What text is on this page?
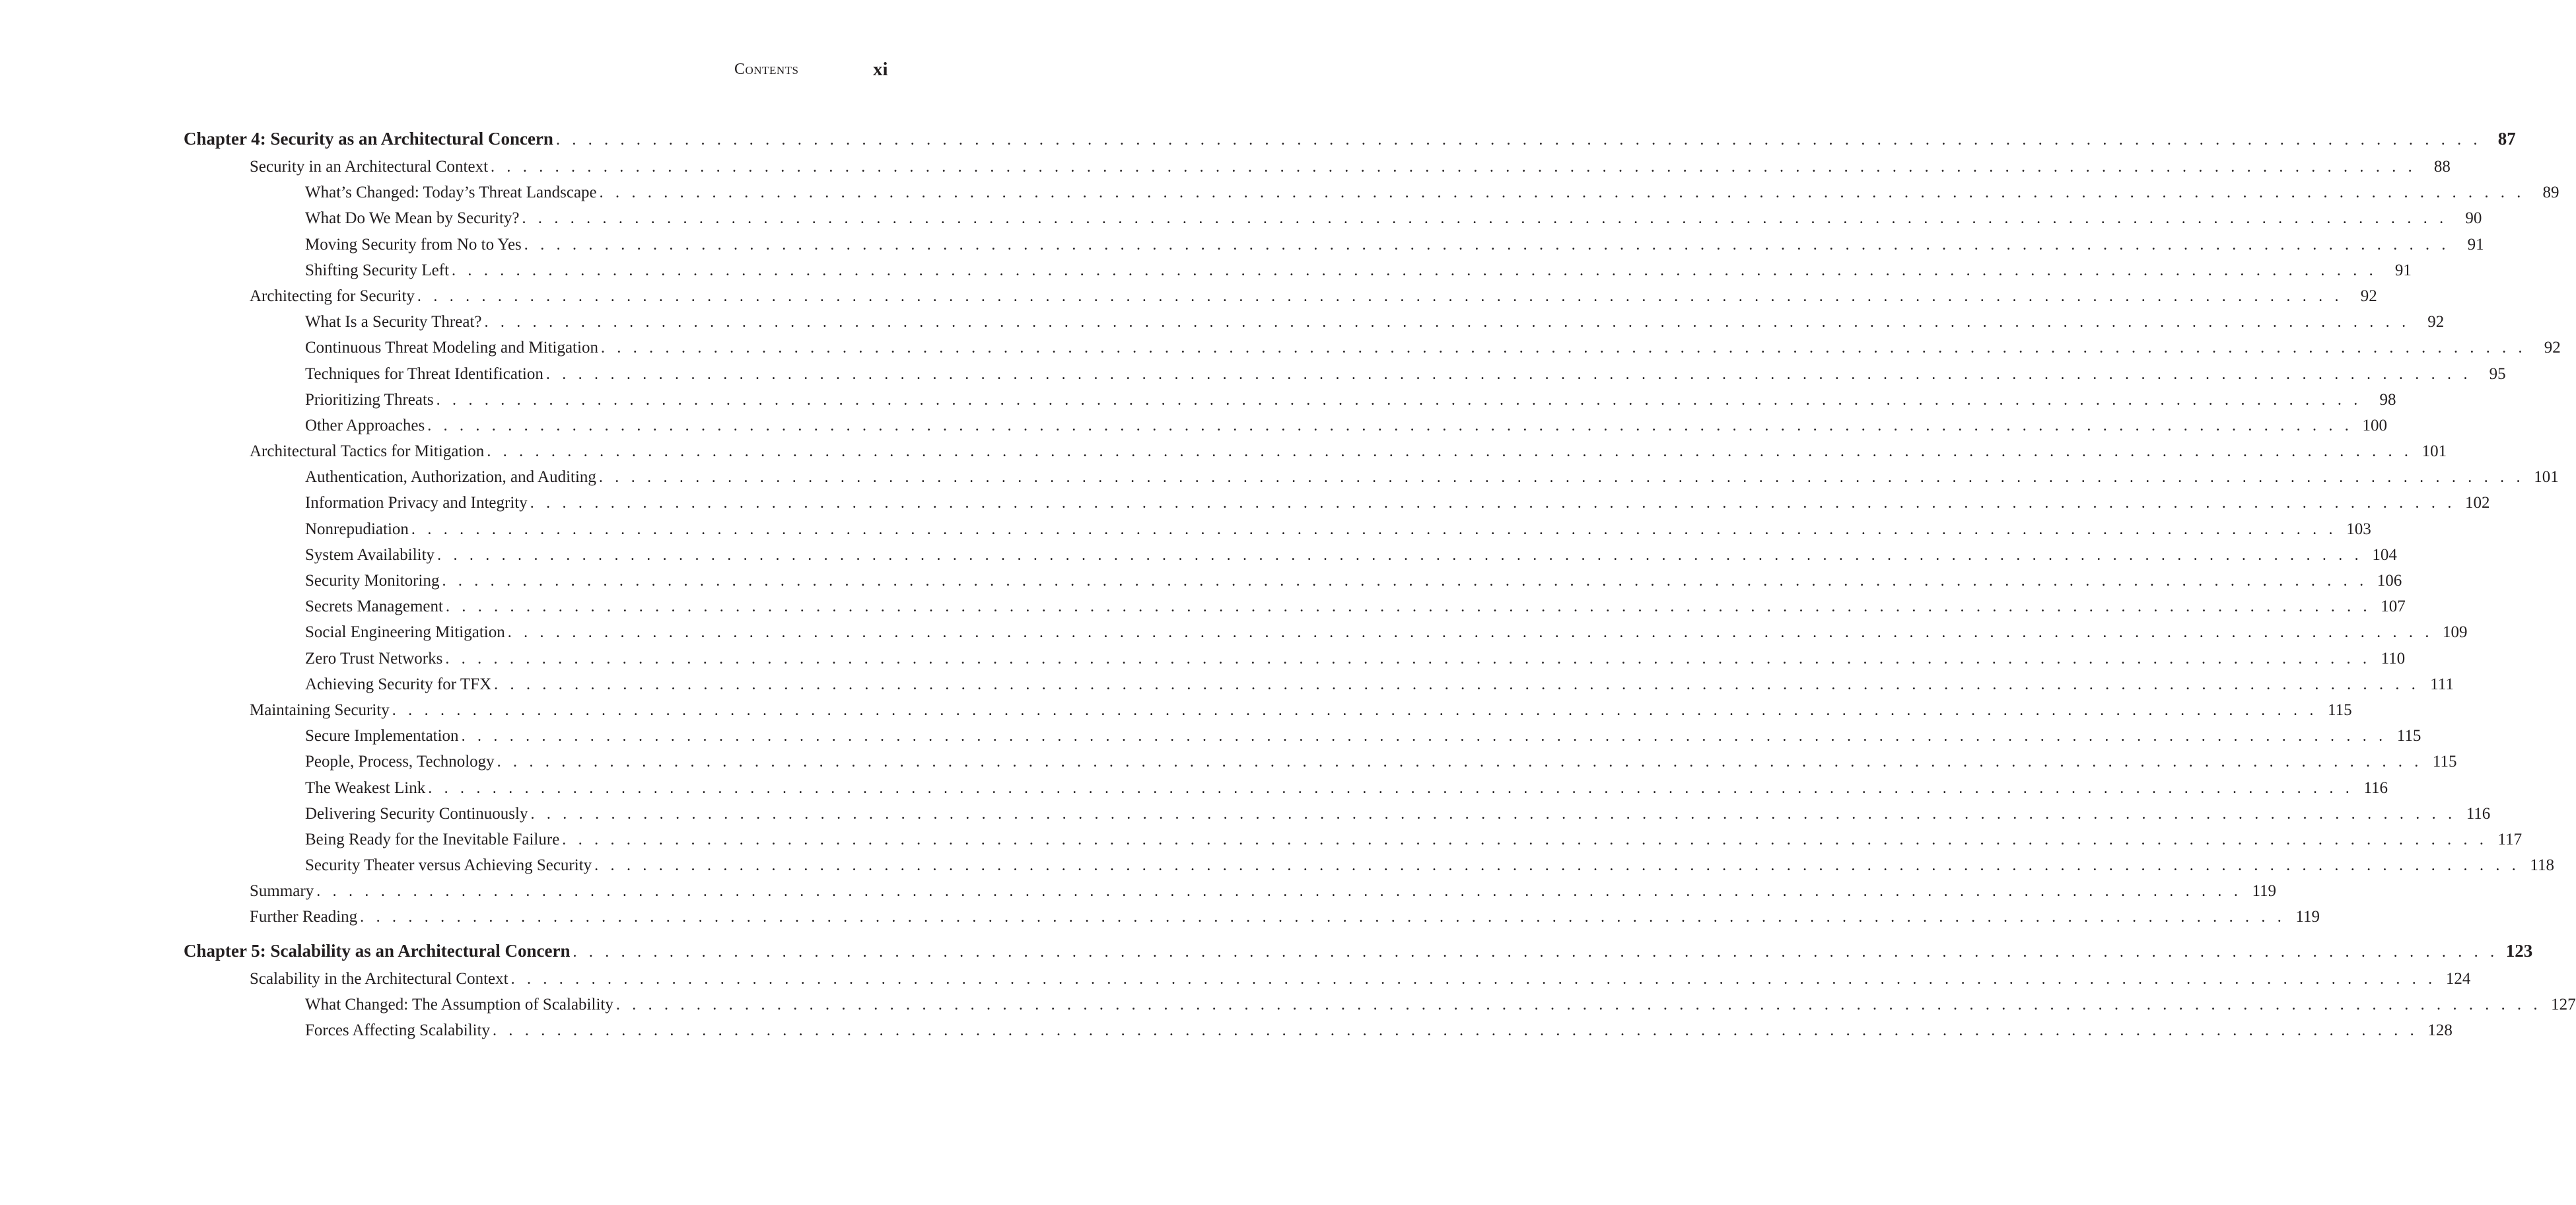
Contents	xi
Chapter 4: Security as an Architectural Concern . . . . . . . . . . . . . . . . . . . . . . . . . . . . . . . . . . . . . . . . . . . . . . . . . . . . . . . . . . . . . . . . . . . . . . . . . . . . . . . . . . . . . . . . . . . . . . . . . . . . . . . . . . . . . . . . . . . . . . . . 87
Security in an Architectural Context . . . . . . . . . . . . . . . . . . . . . . . . . . . . . . . . . . . . . . . . . . . . . . . . . . . . . . . . . . . . . . . . . . . . . . . . . . . . . . . . . . . . . . . . . . . . . . . . . . . . . . . . . . . . . . . . . . . . . . . .	88
What’s Changed: Today’s Threat Landscape . . . . . . . . . . . . . . . . . . . . . . . . . . . . . . . . . . . . . . . . . . . . . . . . . . . . . . . . . . . . . . . . . . . . . . . . . . . . . . . . . . . . . . . . . . . . . . . . . . . . . . . . . . . . . . . . . . . . . . . .	89
What Do We Mean by Security? . . . . . . . . . . . . . . . . . . . . . . . . . . . . . . . . . . . . . . . . . . . . . . . . . . . . . . . . . . . . . . . . . . . . . . . . . . . . . . . . . . . . . . . . . . . . . . . . . . . . . . . . . . . . . . . . . . . . . . . .	90
Moving Security from No to Yes . . . . . . . . . . . . . . . . . . . . . . . . . . . . . . . . . . . . . . . . . . . . . . . . . . . . . . . . . . . . . . . . . . . . . . . . . . . . . . . . . . . . . . . . . . . . . . . . . . . . . . . . . . . . . . . . . . . . . . . .	91
Shifting Security Left . . . . . . . . . . . . . . . . . . . . . . . . . . . . . . . . . . . . . . . . . . . . . . . . . . . . . . . . . . . . . . . . . . . . . . . . . . . . . . . . . . . . . . . . . . . . . . . . . . . . . . . . . . . . . . . . . . . . . . . .	91
Architecting for Security . . . . . . . . . . . . . . . . . . . . . . . . . . . . . . . . . . . . . . . . . . . . . . . . . . . . . . . . . . . . . . . . . . . . . . . . . . . . . . . . . . . . . . . . . . . . . . . . . . . . . . . . . . . . . . . . . . . . . . . .	92
What Is a Security Threat? . . . . . . . . . . . . . . . . . . . . . . . . . . . . . . . . . . . . . . . . . . . . . . . . . . . . . . . . . . . . . . . . . . . . . . . . . . . . . . . . . . . . . . . . . . . . . . . . . . . . . . . . . . . . . . . . . . . . . . . .	92
Continuous Threat Modeling and Mitigation . . . . . . . . . . . . . . . . . . . . . . . . . . . . . . . . . . . . . . . . . . . . . . . . . . . . . . . . . . . . . . . . . . . . . . . . . . . . . . . . . . . . . . . . . . . . . . . . . . . . . . . . . . . . . . . . . . . . . . . .	92
Techniques for Threat Identification . . . . . . . . . . . . . . . . . . . . . . . . . . . . . . . . . . . . . . . . . . . . . . . . . . . . . . . . . . . . . . . . . . . . . . . . . . . . . . . . . . . . . . . . . . . . . . . . . . . . . . . . . . . . . . . . . . . . . . . .	95
Prioritizing Threats . . . . . . . . . . . . . . . . . . . . . . . . . . . . . . . . . . . . . . . . . . . . . . . . . . . . . . . . . . . . . . . . . . . . . . . . . . . . . . . . . . . . . . . . . . . . . . . . . . . . . . . . . . . . . . . . . . . . . . . .	98
Other Approaches . . . . . . . . . . . . . . . . . . . . . . . . . . . . . . . . . . . . . . . . . . . . . . . . . . . . . . . . . . . . . . . . . . . . . . . . . . . . . . . . . . . . . . . . . . . . . . . . . . . . . . . . . . . . . . . . . . . . . . . . 100
Architectural Tactics for Mitigation . . . . . . . . . . . . . . . . . . . . . . . . . . . . . . . . . . . . . . . . . . . . . . . . . . . . . . . . . . . . . . . . . . . . . . . . . . . . . . . . . . . . . . . . . . . . . . . . . . . . . . . . . . . . . . . . . . . . . . . . 101
Authentication, Authorization, and Auditing . . . . . . . . . . . . . . . . . . . . . . . . . . . . . . . . . . . . . . . . . . . . . . . . . . . . . . . . . . . . . . . . . . . . . . . . . . . . . . . . . . . . . . . . . . . . . . . . . . . . . . . . . . . . . . . . . . . . . . . . 101
Information Privacy and Integrity . . . . . . . . . . . . . . . . . . . . . . . . . . . . . . . . . . . . . . . . . . . . . . . . . . . . . . . . . . . . . . . . . . . . . . . . . . . . . . . . . . . . . . . . . . . . . . . . . . . . . . . . . . . . . . . . . . . . . . . . 102
Nonrepudiation . . . . . . . . . . . . . . . . . . . . . . . . . . . . . . . . . . . . . . . . . . . . . . . . . . . . . . . . . . . . . . . . . . . . . . . . . . . . . . . . . . . . . . . . . . . . . . . . . . . . . . . . . . . . . . . . . . . . . . . . 103
System Availability . . . . . . . . . . . . . . . . . . . . . . . . . . . . . . . . . . . . . . . . . . . . . . . . . . . . . . . . . . . . . . . . . . . . . . . . . . . . . . . . . . . . . . . . . . . . . . . . . . . . . . . . . . . . . . . . . . . . . . . . 104
Security Monitoring . . . . . . . . . . . . . . . . . . . . . . . . . . . . . . . . . . . . . . . . . . . . . . . . . . . . . . . . . . . . . . . . . . . . . . . . . . . . . . . . . . . . . . . . . . . . . . . . . . . . . . . . . . . . . . . . . . . . . . . . 106
Secrets Management . . . . . . . . . . . . . . . . . . . . . . . . . . . . . . . . . . . . . . . . . . . . . . . . . . . . . . . . . . . . . . . . . . . . . . . . . . . . . . . . . . . . . . . . . . . . . . . . . . . . . . . . . . . . . . . . . . . . . . . . 107
Social Engineering Mitigation . . . . . . . . . . . . . . . . . . . . . . . . . . . . . . . . . . . . . . . . . . . . . . . . . . . . . . . . . . . . . . . . . . . . . . . . . . . . . . . . . . . . . . . . . . . . . . . . . . . . . . . . . . . . . . . . . . . . . . . . 109
Zero Trust Networks . . . . . . . . . . . . . . . . . . . . . . . . . . . . . . . . . . . . . . . . . . . . . . . . . . . . . . . . . . . . . . . . . . . . . . . . . . . . . . . . . . . . . . . . . . . . . . . . . . . . . . . . . . . . . . . . . . . . . . . . 110
Achieving Security for TFX . . . . . . . . . . . . . . . . . . . . . . . . . . . . . . . . . . . . . . . . . . . . . . . . . . . . . . . . . . . . . . . . . . . . . . . . . . . . . . . . . . . . . . . . . . . . . . . . . . . . . . . . . . . . . . . . . . . . . . . . 111
Maintaining Security . . . . . . . . . . . . . . . . . . . . . . . . . . . . . . . . . . . . . . . . . . . . . . . . . . . . . . . . . . . . . . . . . . . . . . . . . . . . . . . . . . . . . . . . . . . . . . . . . . . . . . . . . . . . . . . . . . . . . . . . 115
Secure Implementation . . . . . . . . . . . . . . . . . . . . . . . . . . . . . . . . . . . . . . . . . . . . . . . . . . . . . . . . . . . . . . . . . . . . . . . . . . . . . . . . . . . . . . . . . . . . . . . . . . . . . . . . . . . . . . . . . . . . . . . . 115
People, Process, Technology . . . . . . . . . . . . . . . . . . . . . . . . . . . . . . . . . . . . . . . . . . . . . . . . . . . . . . . . . . . . . . . . . . . . . . . . . . . . . . . . . . . . . . . . . . . . . . . . . . . . . . . . . . . . . . . . . . . . . . . . 115
The Weakest Link . . . . . . . . . . . . . . . . . . . . . . . . . . . . . . . . . . . . . . . . . . . . . . . . . . . . . . . . . . . . . . . . . . . . . . . . . . . . . . . . . . . . . . . . . . . . . . . . . . . . . . . . . . . . . . . . . . . . . . . . 116
Delivering Security Continuously . . . . . . . . . . . . . . . . . . . . . . . . . . . . . . . . . . . . . . . . . . . . . . . . . . . . . . . . . . . . . . . . . . . . . . . . . . . . . . . . . . . . . . . . . . . . . . . . . . . . . . . . . . . . . . . . . . . . . . . . 116
Being Ready for the Inevitable Failure . . . . . . . . . . . . . . . . . . . . . . . . . . . . . . . . . . . . . . . . . . . . . . . . . . . . . . . . . . . . . . . . . . . . . . . . . . . . . . . . . . . . . . . . . . . . . . . . . . . . . . . . . . . . . . . . . . . . . . . . 117
Security Theater versus Achieving Security . . . . . . . . . . . . . . . . . . . . . . . . . . . . . . . . . . . . . . . . . . . . . . . . . . . . . . . . . . . . . . . . . . . . . . . . . . . . . . . . . . . . . . . . . . . . . . . . . . . . . . . . . . . . . . . . . . . . . . . . 118
Summary . . . . . . . . . . . . . . . . . . . . . . . . . . . . . . . . . . . . . . . . . . . . . . . . . . . . . . . . . . . . . . . . . . . . . . . . . . . . . . . . . . . . . . . . . . . . . . . . . . . . . . . . . . . . . . . . . . . . . . . . 119
Further Reading . . . . . . . . . . . . . . . . . . . . . . . . . . . . . . . . . . . . . . . . . . . . . . . . . . . . . . . . . . . . . . . . . . . . . . . . . . . . . . . . . . . . . . . . . . . . . . . . . . . . . . . . . . . . . . . . . . . . . . . . 119
Chapter 5: Scalability as an Architectural Concern . . . . . . . . . . . . . . . . . . . . . . . . . . . . . . . . . . . . . . . . . . . . . . . . . . . . . . . . . . . . . . . . . . . . . . . . . . . . . . . . . . . . . . . . . . . . . . . . . . . . . . . . . . . . . . . . . . . . . . . . 123
Scalability in the Architectural Context . . . . . . . . . . . . . . . . . . . . . . . . . . . . . . . . . . . . . . . . . . . . . . . . . . . . . . . . . . . . . . . . . . . . . . . . . . . . . . . . . . . . . . . . . . . . . . . . . . . . . . . . . . . . . . . . . . . . . . . . 124
What Changed: The Assumption of Scalability . . . . . . . . . . . . . . . . . . . . . . . . . . . . . . . . . . . . . . . . . . . . . . . . . . . . . . . . . . . . . . . . . . . . . . . . . . . . . . . . . . . . . . . . . . . . . . . . . . . . . . . . . . . . . . . . . . . . . . . . 127
Forces Affecting Scalability . . . . . . . . . . . . . . . . . . . . . . . . . . . . . . . . . . . . . . . . . . . . . . . . . . . . . . . . . . . . . . . . . . . . . . . . . . . . . . . . . . . . . . . . . . . . . . . . . . . . . . . . . . . . . . . . . . . . . . . . 128
